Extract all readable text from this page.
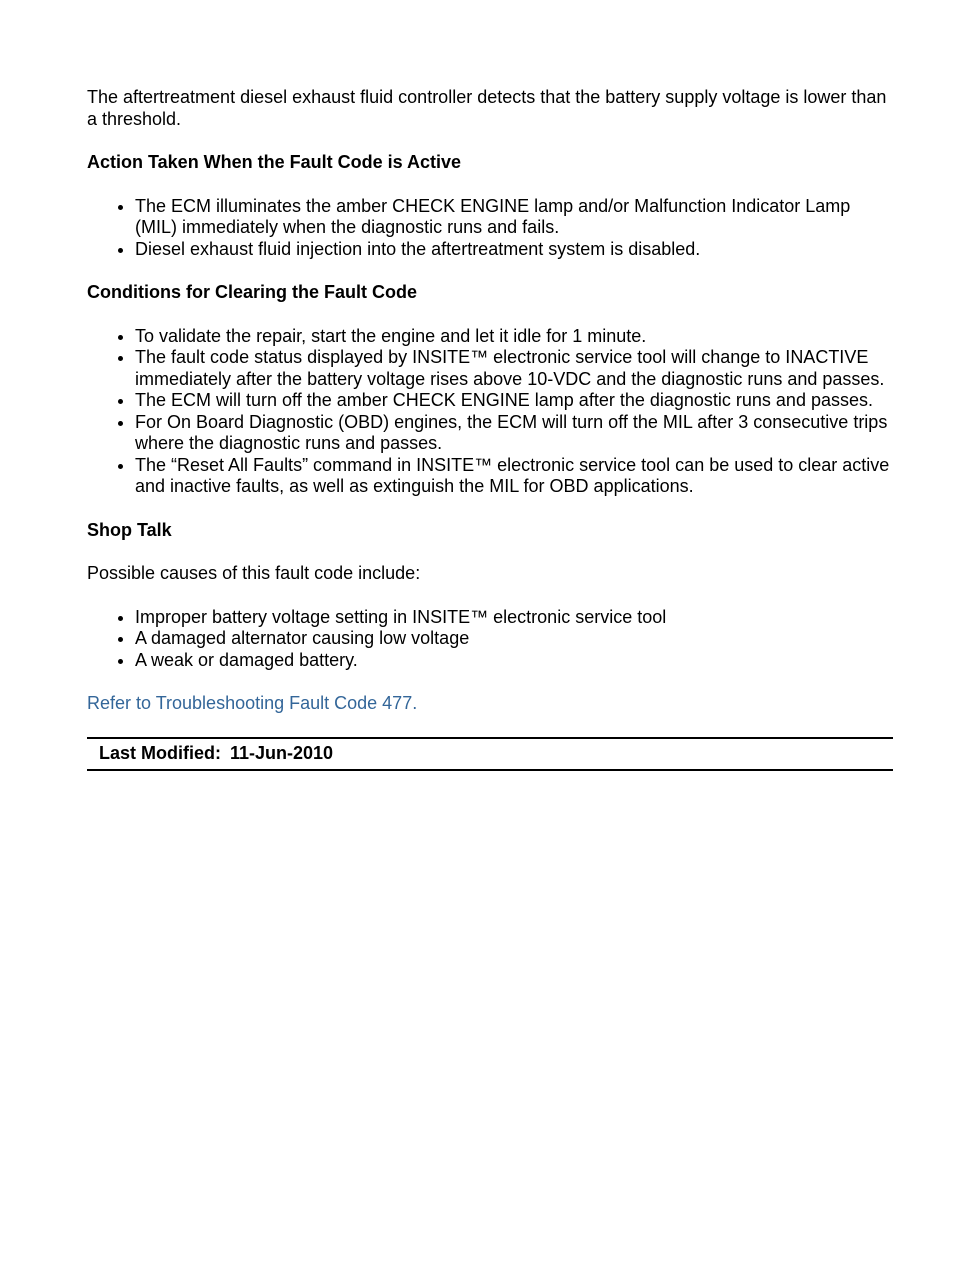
The aftertreatment diesel exhaust fluid controller detects that the battery supply voltage is lower than a threshold.

Action Taken When the Fault Code is Active
The ECM illuminates the amber CHECK ENGINE lamp and/or Malfunction Indicator Lamp (MIL) immediately when the diagnostic runs and fails.
Diesel exhaust fluid injection into the aftertreatment system is disabled.
Conditions for Clearing the Fault Code
To validate the repair, start the engine and let it idle for 1 minute.
The fault code status displayed by INSITE™ electronic service tool will change to INACTIVE immediately after the battery voltage rises above 10-VDC and the diagnostic runs and passes.
The ECM will turn off the amber CHECK ENGINE lamp after the diagnostic runs and passes.
For On Board Diagnostic (OBD) engines, the ECM will turn off the MIL after 3 consecutive trips where the diagnostic runs and passes.
The “Reset All Faults” command in INSITE™ electronic service tool can be used to clear active and inactive faults, as well as extinguish the MIL for OBD applications.
Shop Talk

Possible causes of this fault code include:

Improper battery voltage setting in INSITE™ electronic service tool
A damaged alternator causing low voltage
A weak or damaged battery.
Refer to Troubleshooting Fault Code 477.
Last Modified: 11-Jun-2010
